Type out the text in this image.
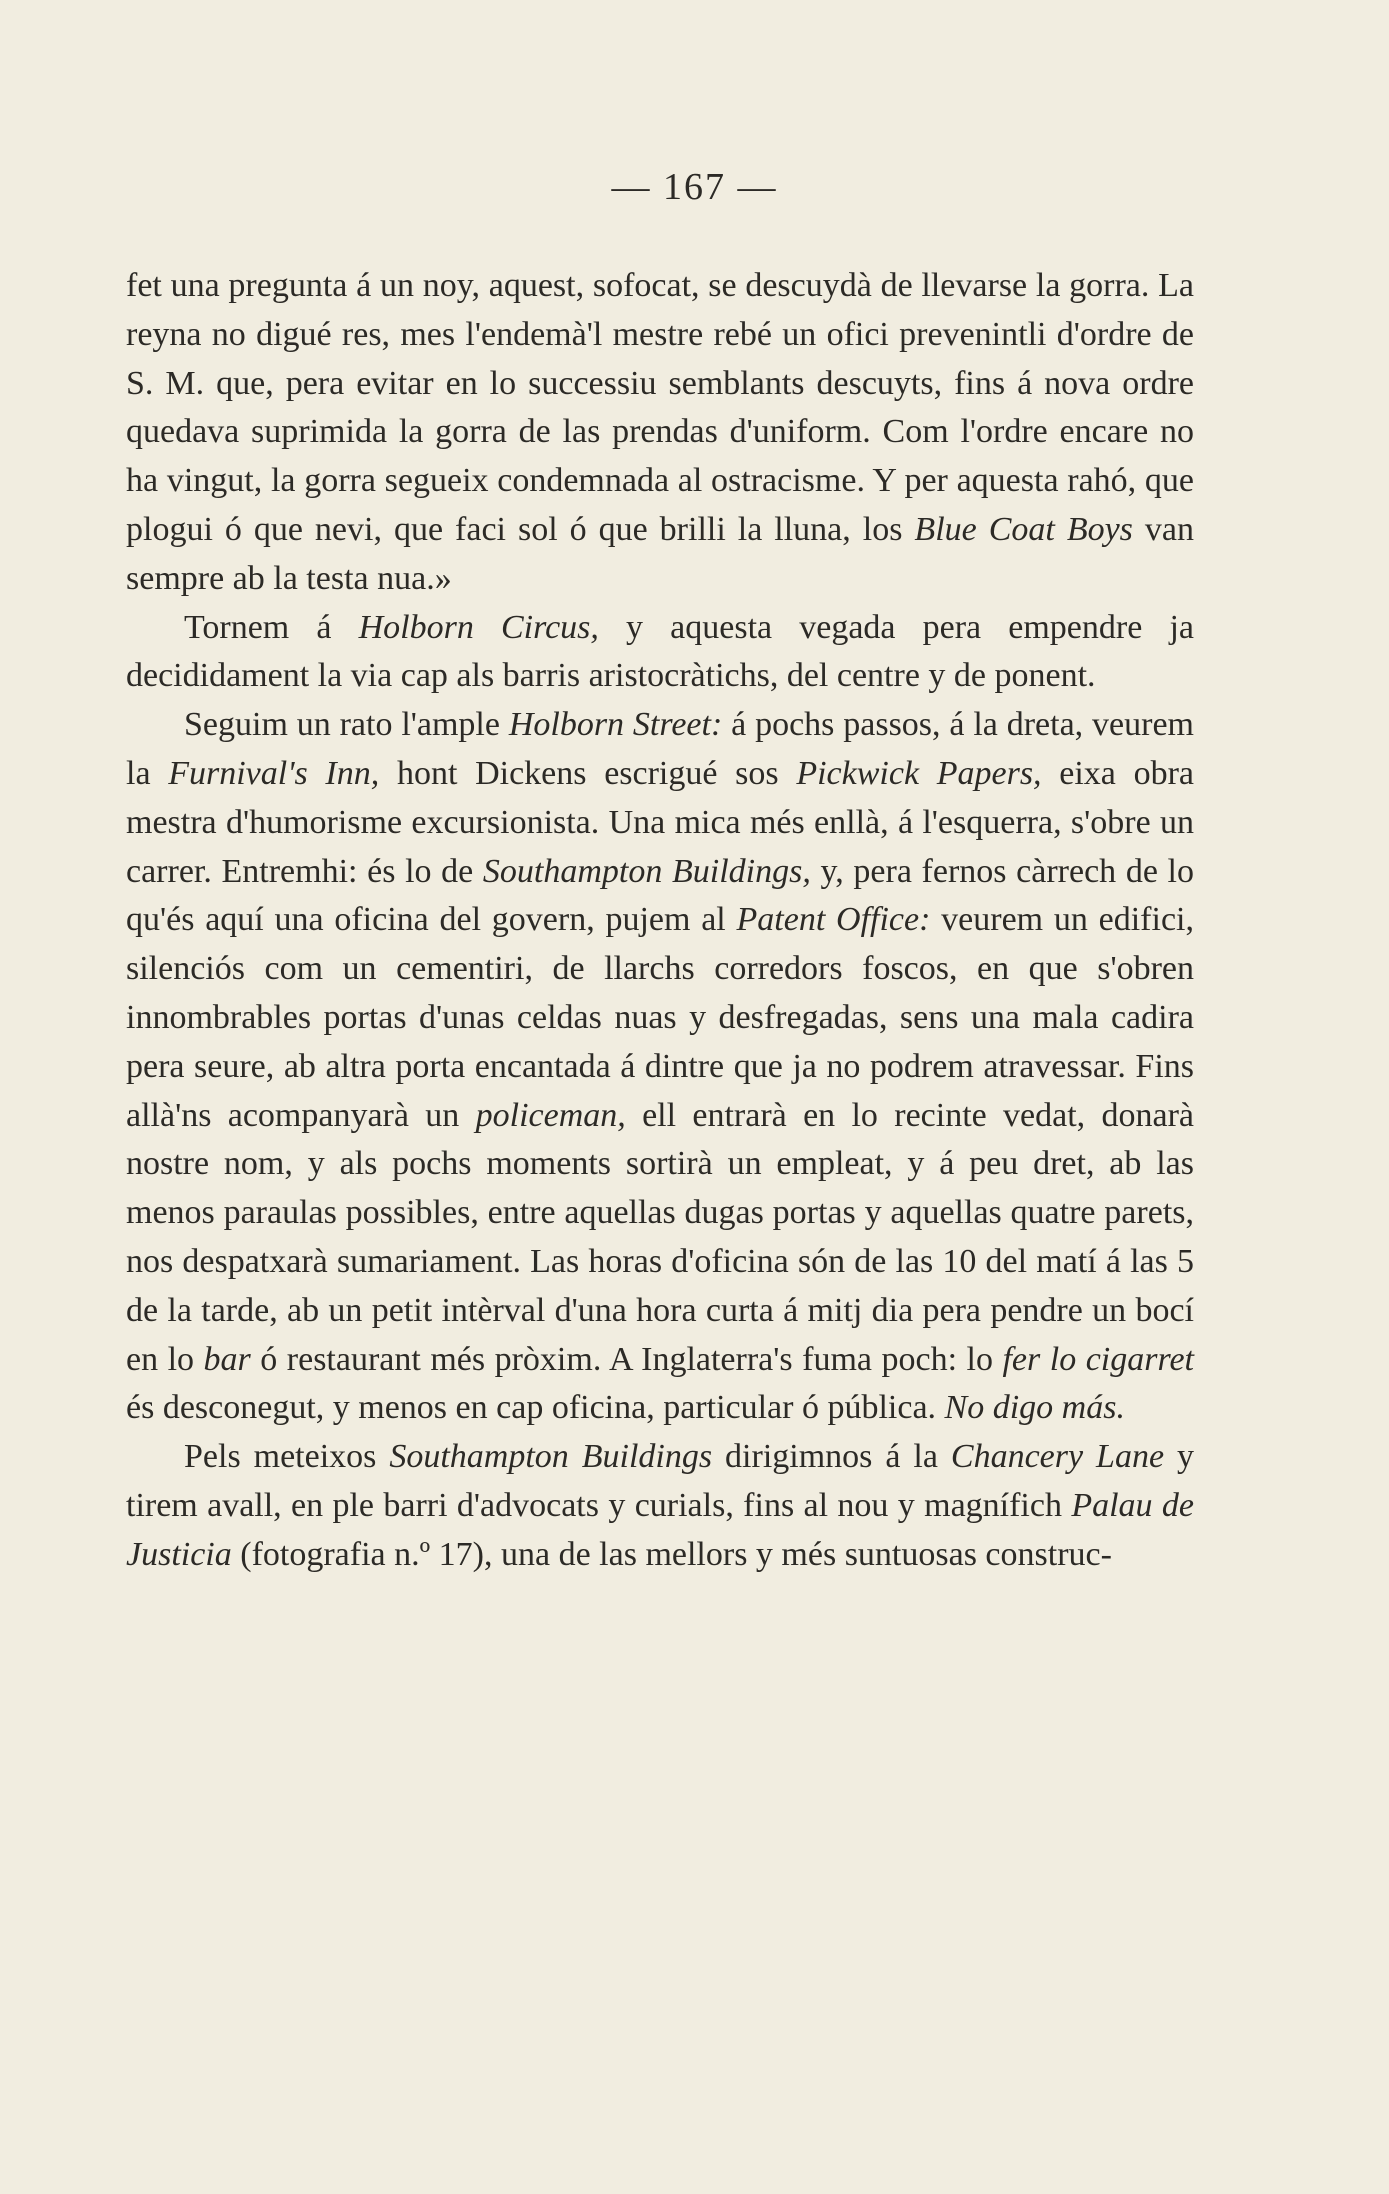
— 167 —

fet una pregunta á un noy, aquest, sofocat, se descuydà de llevarse la gorra. La reyna no digué res, mes l'endemà'l mestre rebé un ofici prevenintli d'ordre de S. M. que, pera evitar en lo successiu semblants descuyts, fins á nova ordre quedava suprimida la gorra de las prendas d'uniform. Com l'ordre encare no ha vingut, la gorra segueix condemnada al ostracisme. Y per aquesta rahó, que plogui ó que nevi, que faci sol ó que brilli la lluna, los Blue Coat Boys van sempre ab la testa nua.»

Tornem á Holborn Circus, y aquesta vegada pera empendre ja decididament la via cap als barris aristocràtichs, del centre y de ponent.

Seguim un rato l'ample Holborn Street: á pochs passos, á la dreta, veurem la Furnival's Inn, hont Dickens escrigué sos Pickwick Papers, eixa obra mestra d'humorisme excursionista. Una mica més enllà, á l'esquerra, s'obre un carrer. Entremhi: és lo de Southampton Buildings, y, pera fernos càrrech de lo qu'és aquí una oficina del govern, pujem al Patent Office: veurem un edifici, silenciós com un cementiri, de llarchs corredors foscos, en que s'obren innombrables portas d'unas celdas nuas y desfregadas, sens una mala cadira pera seure, ab altra porta encantada á dintre que ja no podrem atravessar. Fins allà'ns acompanyarà un policeman, ell entrarà en lo recinte vedat, donarà nostre nom, y als pochs moments sortirà un empleat, y á peu dret, ab las menos paraulas possibles, entre aquellas dugas portas y aquellas quatre parets, nos despatxarà sumariament. Las horas d'oficina són de las 10 del matí á las 5 de la tarde, ab un petit intèrval d'una hora curta á mitj dia pera pendre un bocí en lo bar ó restaurant més pròxim. A Inglaterra's fuma poch: lo fer lo cigarret és desconegut, y menos en cap oficina, particular ó pública. No digo más.

Pels meteixos Southampton Buildings dirigimnos á la Chancery Lane y tirem avall, en ple barri d'advocats y curials, fins al nou y magnífich Palau de Justicia (fotografia n.º 17), una de las mellors y més suntuosas construc-
